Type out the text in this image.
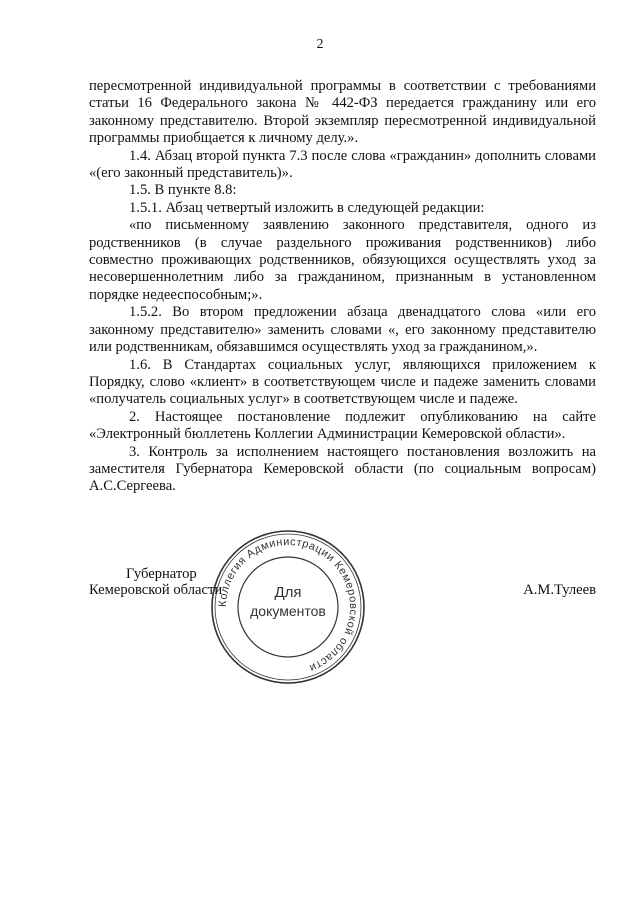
2

пересмотренной индивидуальной программы в соответствии с требованиями статьи 16 Федерального закона № 442-ФЗ передается гражданину или его законному представителю. Второй экземпляр пересмотренной индивидуальной программы приобщается к личному делу.».

1.4. Абзац второй пункта 7.3 после слова «гражданин» дополнить словами «(его законный представитель)».

1.5. В пункте 8.8:

1.5.1. Абзац четвертый изложить в следующей редакции:

«по письменному заявлению законного представителя, одного из родственников (в случае раздельного проживания родственников) либо совместно проживающих родственников, обязующихся осуществлять уход за несовершеннолетним либо за гражданином, признанным в установленном порядке недееспособным;».

1.5.2. Во втором предложении абзаца двенадцатого слова «или его законному представителю» заменить словами «, его законному представителю или родственникам, обязавшимся осуществлять уход за гражданином,».

1.6. В Стандартах социальных услуг, являющихся приложением к Порядку, слово «клиент» в соответствующем числе и падеже заменить словами «получатель социальных услуг» в соответствующем числе и падеже.

2. Настоящее постановление подлежит опубликованию на сайте «Электронный бюллетень Коллегии Администрации Кемеровской области».

3. Контроль за исполнением настоящего постановления возложить на заместителя Губернатора Кемеровской области (по социальным вопросам) А.С.Сергеева.

Коллегия Администрации Кемеровской области
Для
документов
Губернатор
Кемеровской области	А.М.Тулеев
